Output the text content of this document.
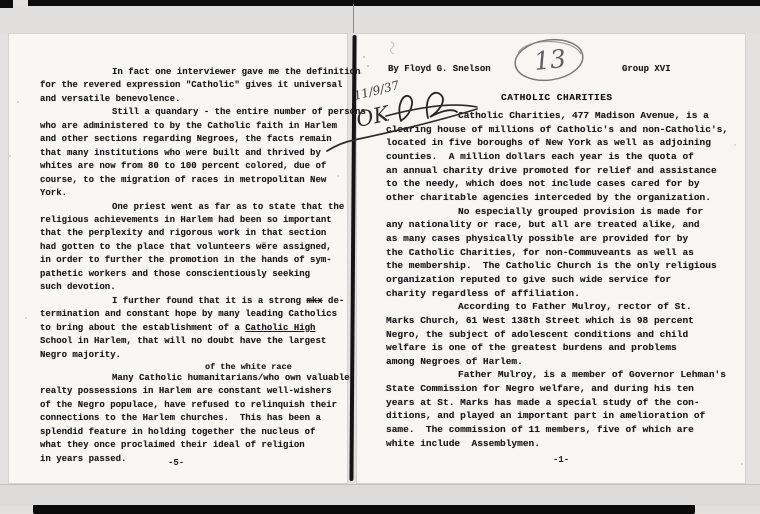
In fact one interviewer gave me the definition
for the revered expression "Catholic" gives it universal
and versatile benevolence.
Still a quandary - the entire number of persons
who are administered to by the Catholic faith in Harlem
and other sections regarding Negroes, the facts remain
that many institutions who were built and thrived by
whites are now from 80 to 100 percent colored, due of
course, to the migration of races in metropolitan New
York.
One priest went as far as to state that the
religious achievements in Harlem had been so important
that the perplexity and rigorous work in that section
had gotten to the place that volunteers wëre assigned,
in order to further the promotion in the hands of sym-
pathetic workers and those conscientiously seeking
such devotion.
I further found that it is a strong mkx de-
termination and constant hope by many leading Catholics
to bring about the establishment of a Catholic High
School in Harlem, that will no doubt have the largest
Negro majority.
of the white race
Many Catholic humanitarians/who own valuable
realty possessions in Harlem are constant well-wishers
of the Negro populace, have refused to relinquish their
connections to the Harlem churches.  This has been a
splendid feature in holding together the nucleus of
what they once proclaimed their ideal of religion
in years passed.
By Floyd G. Snelson	Group XVI
CATHOLIC CHARITIES
Catholic Charities, 477 Madison Avenue, is a
clearing house of millions of Catholic's and non-Catholic's,
located in five boroughs of New York as well as adjoining
counties.  A million dollars each year is the quota of
an annual charity drive promoted for relief and assistance
to the needy, which does not include cases cared for by
other charitable agencies interceded by the organization.
No especially grouped provision is made for
any nationality or race, but all are treated alike, and
as many cases physically possible are provided for by
the Catholic Charities, for non-Commuveants as well as
the membership.  The Catholic Church is the only religious
organization reputed to give such wide service for
charity regardless of affiliation.
According to Father Mulroy, rector of St.
Marks Church, 61 West 138th Street which is 98 percent
Negro, the subject of adolescent conditions and child
welfare is one of the greatest burdens and problems
among Negroes of Harlem.
Father Mulroy, is a member of Governor Lehman's
State Commission for Negro welfare, and during his ten
years at St. Marks has made a special study of the con-
ditions, and played an important part in amelioration of
same.  The commission of 11 members, five of which are
white include  Assemblymen.
-5-	-1-
13
11/9/37
OK
